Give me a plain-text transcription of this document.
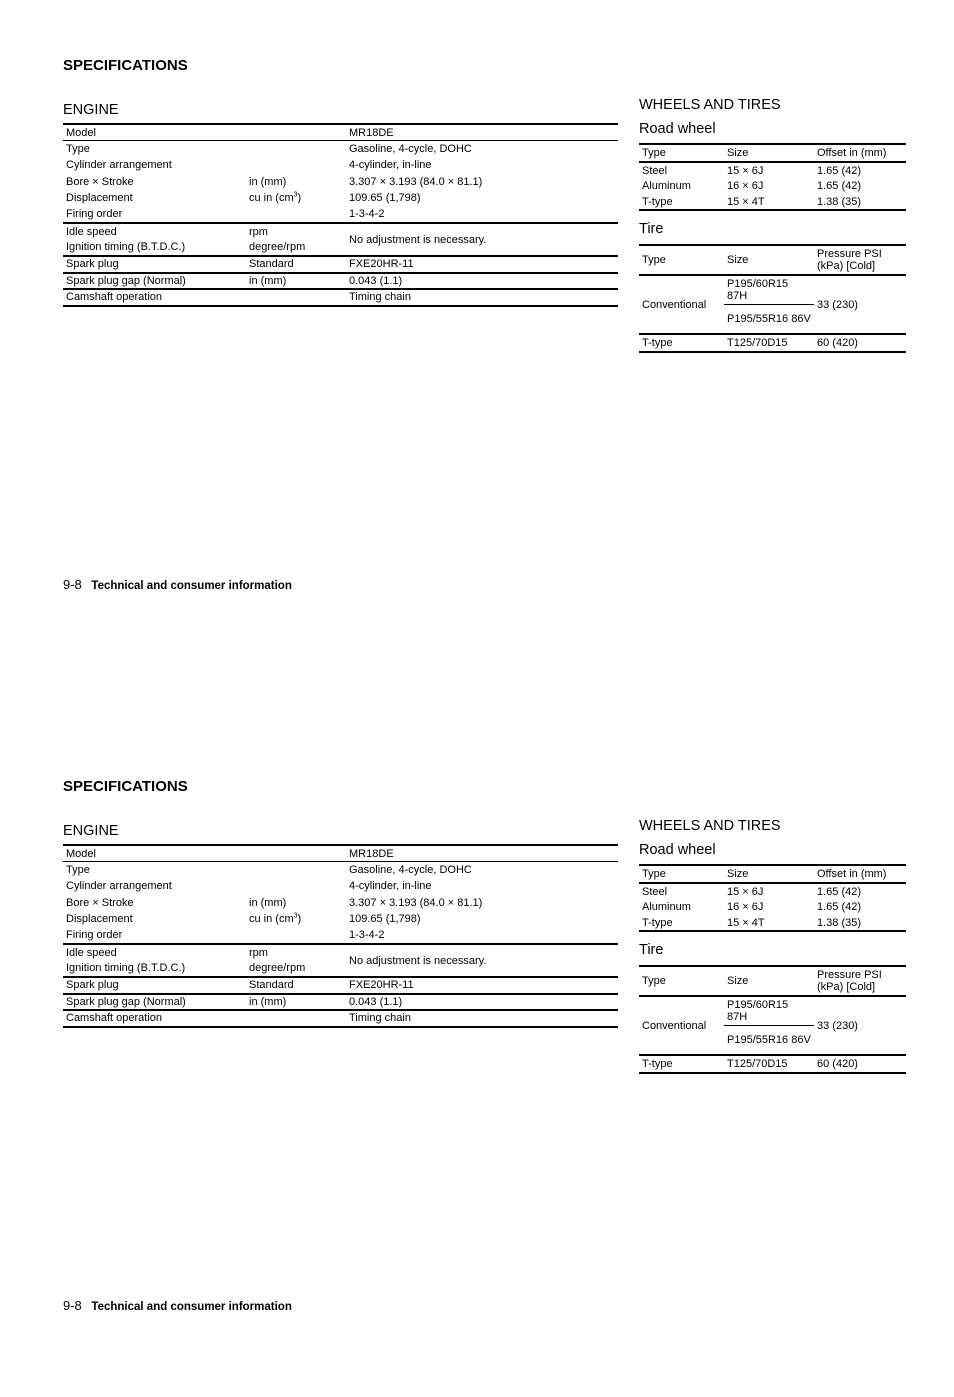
SPECIFICATIONS
ENGINE
Model		MR18DE
Type		Gasoline, 4-cycle, DOHC
Cylinder arrangement		4-cylinder, in-line
Bore × Stroke	in (mm)	3.307 × 3.193 (84.0 × 81.1)
Displacement	cu in $(cm^3)$	109.65 (1,798)
Firing order		1-3-4-2
Idle speed	rpm	No adjustment is necessary.
Ignition timing (B.T.D.C.)	degree/rpm	
Spark plug	Standard	FXE20HR-11
Spark plug gap (Normal)	in (mm)	0.043 (1.1)
Camshaft operation		Timing chain
WHEELS AND TIRES
Road wheel
Type	Size	Offset in (mm)
Steel	15 × 6J	1.65 (42)
Aluminum	16 × 6J	1.65 (42)
T-type	15 × 4T	1.38 (35)
Tire
Type	Size	Pressure PSI (kPa) [Cold]
Conventional	P195/60R15 87H	33 (230)
	P195/55R16 86V	
T-type	T125/70D15	60 (420)
9-8 Technical and consumer information
SPECIFICATIONS
ENGINE
Model		MR18DE
Type		Gasoline, 4-cycle, DOHC
Cylinder arrangement		4-cylinder, in-line
Bore × Stroke	in (mm)	3.307 × 3.193 (84.0 × 81.1)
Displacement	cu in $(cm^3)$	109.65 (1,798)
Firing order		1-3-4-2
Idle speed	rpm	No adjustment is necessary.
Ignition timing (B.T.D.C.)	degree/rpm	
Spark plug	Standard	FXE20HR-11
Spark plug gap (Normal)	in (mm)	0.043 (1.1)
Camshaft operation		Timing chain
WHEELS AND TIRES
Road wheel
Type	Size	Offset in (mm)
Steel	15 × 6J	1.65 (42)
Aluminum	16 × 6J	1.65 (42)
T-type	15 × 4T	1.38 (35)
Tire
Type	Size	Pressure PSI (kPa) [Cold]
Conventional	P195/60R15 87H	33 (230)
	P195/55R16 86V	
T-type	T125/70D15	60 (420)
9-8 Technical and consumer information
